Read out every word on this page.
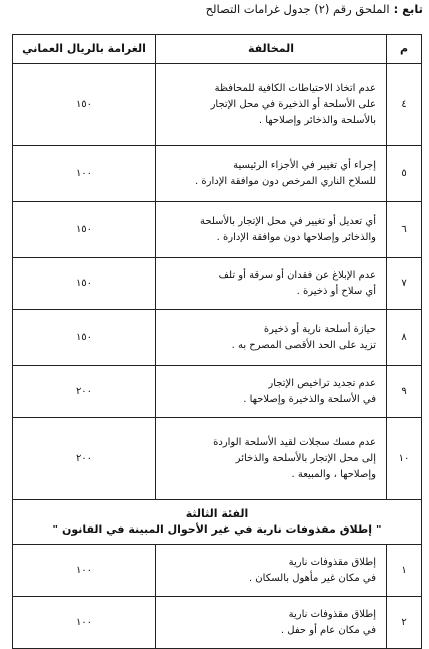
تابع : الملحق رقم (٢) جدول غرامات التصالح
م	المخالفة	الغرامة بالريال العماني
٤	عدم اتخاذ الاحتياطات الكافية للمحافظة
على الأسلحة أو الذخيرة في محل الإتجار
بالأسلحة والذخائر وإصلاحها .	١٥٠
٥	إجراء أي تغيير في الأجزاء الرئيسية
للسلاح الناري المرخص دون موافقة الإدارة .	١٠٠
٦	أي تعديل أو تغيير في محل الإتجار بالأسلحة
والذخائر وإصلاحها دون موافقة الإدارة .	١٥٠
٧	عدم الإبلاغ عن فقدان أو سرقة أو تلف
أي سلاح أو ذخيرة .	١٥٠
٨	حيازة أسلحة نارية أو ذخيرة
تزيد على الحد الأقصى المصرح به .	١٥٠
٩	عدم تجديد تراخيص الإتجار
في الأسلحة والذخيرة وإصلاحها .	٢٠٠
١٠	عدم مسك سجلات لقيد الأسلحة الواردة
إلى محل الإتجار بالأسلحة والذخائر
وإصلاحها ، والمبيعة .	٢٠٠

الفئة الثالثة
" إطلاق مقذوفات نارية في غير الأحوال المبينة في القانون "		

١	إطلاق مقذوفات نارية
في مكان غير مأهول بالسكان .	١٠٠
٢	إطلاق مقذوفات نارية
في مكان عام أو حفل .	١٠٠
